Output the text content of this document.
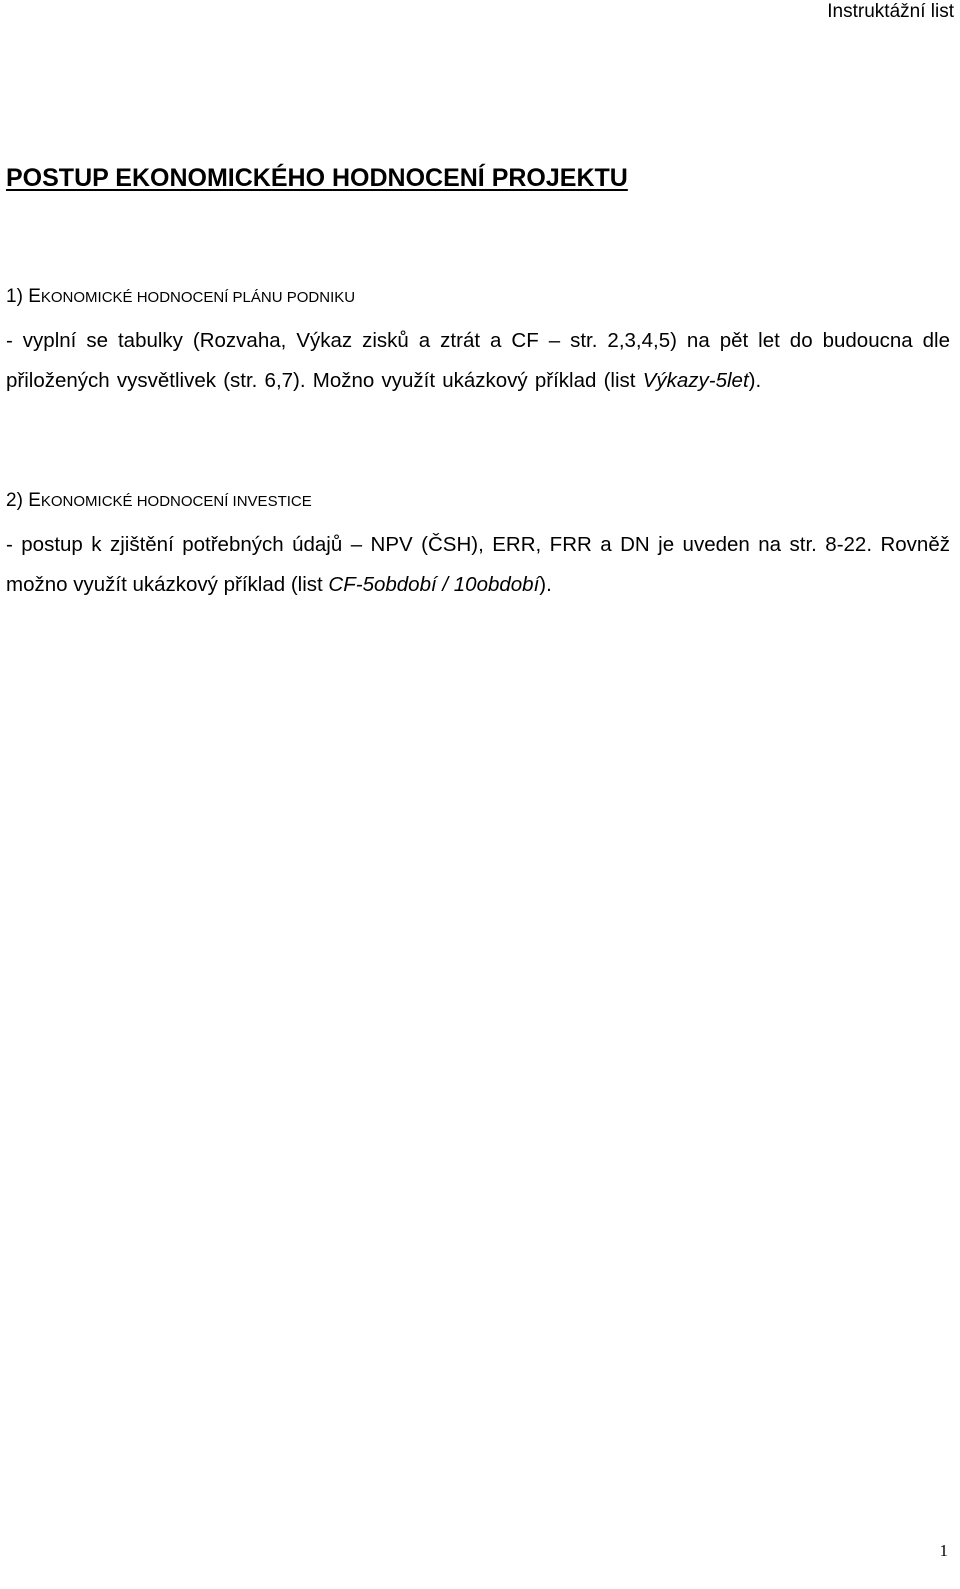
Instruktážní list
POSTUP EKONOMICKÉHO HODNOCENÍ PROJEKTU

1) EKONOMICKÉ HODNOCENÍ PLÁNU PODNIKU

- vyplní se tabulky (Rozvaha, Výkaz zisků a ztrát a CF – str. 2,3,4,5) na pět let do budoucna dle přiložených vysvětlivek (str. 6,7). Možno využít ukázkový příklad (list Výkazy-5let).

2) EKONOMICKÉ HODNOCENÍ INVESTICE

- postup k zjištění potřebných údajů – NPV (ČSH), ERR, FRR a DN je uveden na str. 8-22. Rovněž možno využít ukázkový příklad (list CF-5období / 10období).

1
